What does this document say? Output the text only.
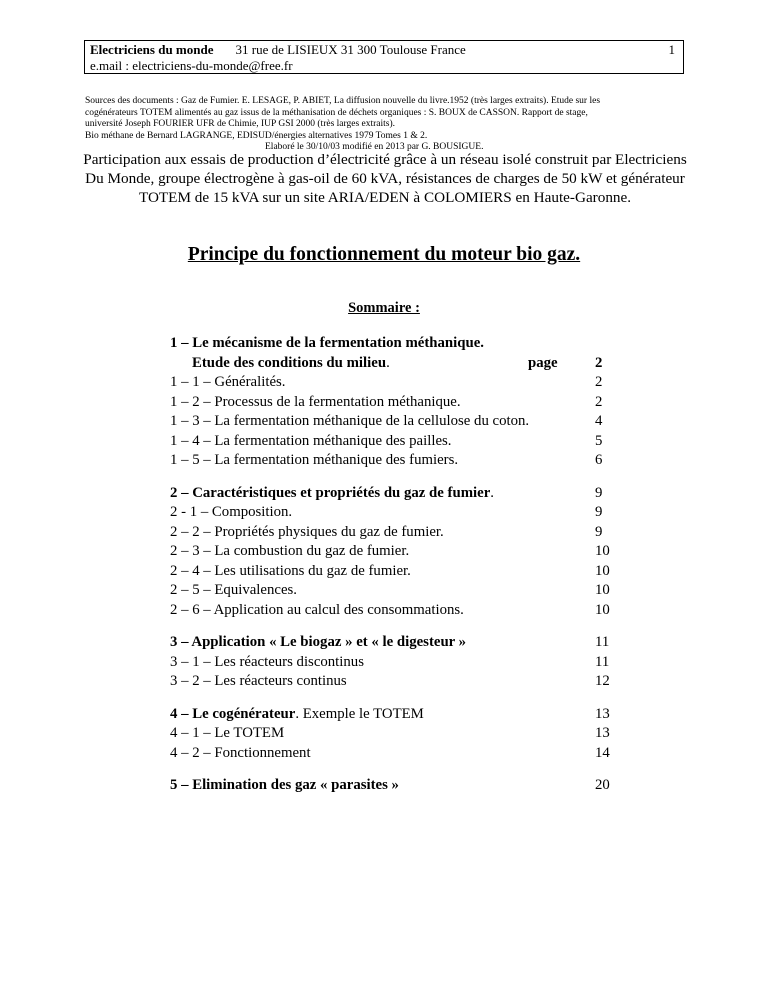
Electriciens du monde 31 rue de LISIEUX 31 300 Toulouse France
e.mail : electriciens-du-monde@free.fr
1
Sources des documents : Gaz de Fumier. E. LESAGE, P. ABIET, La diffusion nouvelle du livre.1952 (très larges extraits). Etude sur les
cogénérateurs TOTEM alimentés au gaz issus de la méthanisation de déchets organiques : S. BOUX de CASSON. Rapport de stage,
université Joseph FOURIER UFR de Chimie, IUP GSI 2000 (très larges extraits).
Bio méthane de Bernard LAGRANGE, EDISUD/énergies alternatives 1979 Tomes 1 & 2.
Elaboré le 30/10/03 modifié en 2013 par G. BOUSIGUE.
Participation aux essais de production d’électricité grâce à un réseau isolé construit par Electriciens Du Monde, groupe électrogène à gas-oil de 60 kVA, résistances de charges de 50 kW et générateur TOTEM de 15 kVA sur un site ARIA/EDEN à COLOMIERS en Haute-Garonne.
Principe du fonctionnement du moteur bio gaz.
Sommaire :
1 – Le mécanisme de la fermentation méthanique.
Etude des conditions du milieu.	page	2
1 – 1 – Généralités.	2
1 – 2 – Processus de la fermentation méthanique.	2
1 – 3 – La fermentation méthanique de la cellulose du coton.	4
1 – 4 – La fermentation méthanique des pailles.	5
1 – 5 – La fermentation méthanique des fumiers.	6
2 – Caractéristiques et propriétés du gaz de fumier.	9
2 - 1 – Composition.	9
2 – 2 – Propriétés physiques du gaz de fumier.	9
2 – 3 – La combustion du gaz de fumier.	10
2 – 4 – Les utilisations du gaz de fumier.	10
2 – 5 – Equivalences.	10
2 – 6 – Application au calcul des consommations.	10
3 – Application « Le biogaz » et « le digesteur »	11
3 – 1 – Les réacteurs discontinus	11
3 – 2 – Les réacteurs continus	12
4 – Le cogénérateur. Exemple le TOTEM	13
4 – 1 – Le TOTEM	13
4 – 2 – Fonctionnement	14
5 – Elimination des gaz « parasites »	20
